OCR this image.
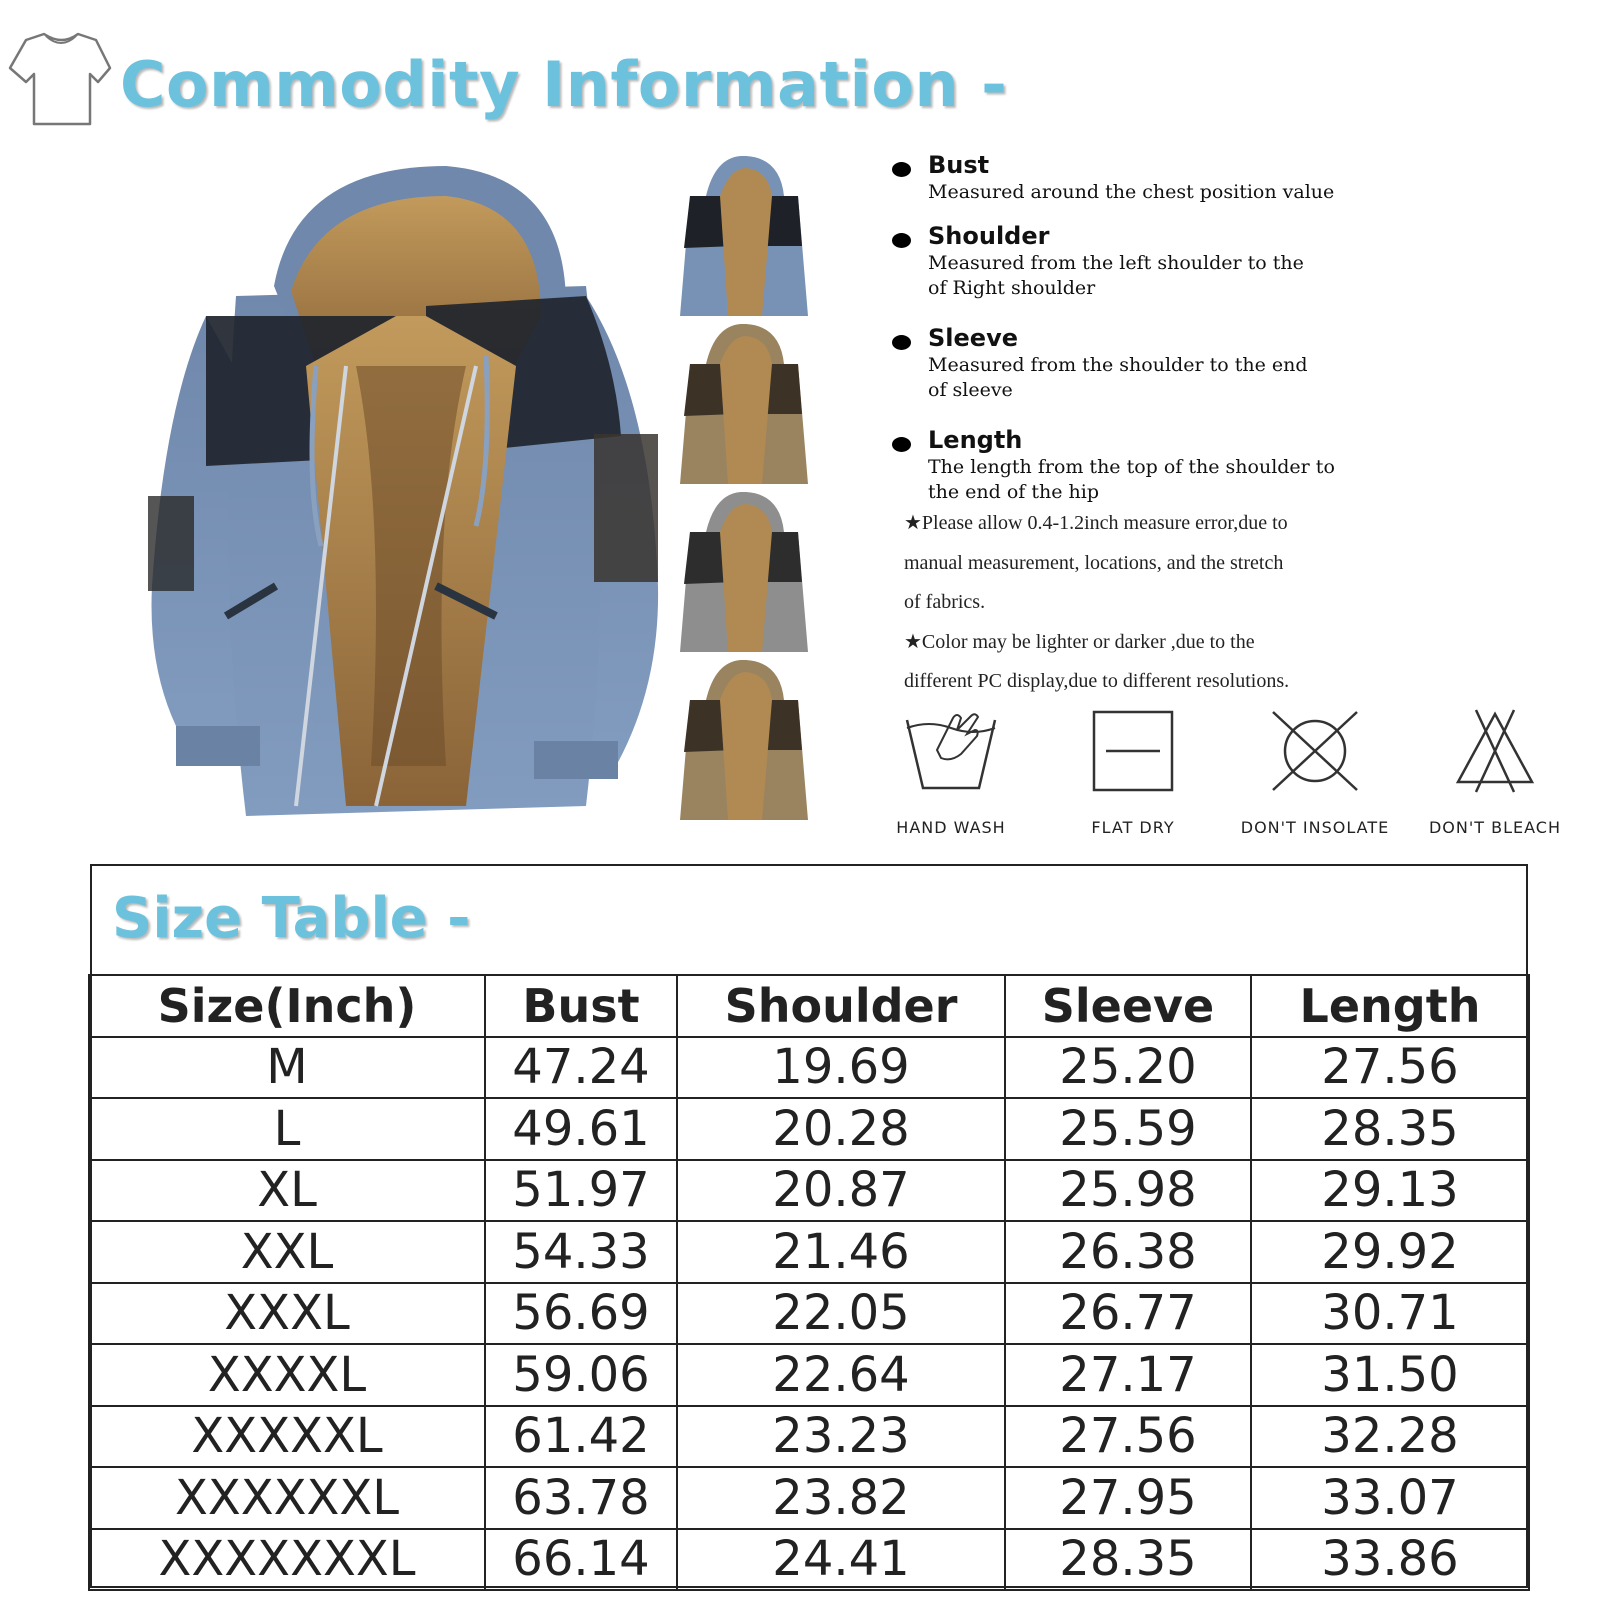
Commodity Information -
Bust
Measured around the chest position value
Shoulder
Measured from the left shoulder to the
of Right shoulder
Sleeve
Measured from the shoulder to the end
of sleeve
Length
The length from the top of the shoulder to
the end of the hip
★Please allow 0.4-1.2inch measure error,due to
manual measurement, locations, and the stretch
of fabrics.
★Color may be lighter or darker ,due to the
different PC display,due to different resolutions.
HAND WASH	FLAT DRY	DON'T INSOLATE	DON'T BLEACH
Size Table -
Size(Inch)	Bust	Shoulder	Sleeve	Length
M	47.24	19.69	25.20	27.56
L	49.61	20.28	25.59	28.35
XL	51.97	20.87	25.98	29.13
XXL	54.33	21.46	26.38	29.92
XXXL	56.69	22.05	26.77	30.71
XXXXL	59.06	22.64	27.17	31.50
XXXXXL	61.42	23.23	27.56	32.28
XXXXXXL	63.78	23.82	27.95	33.07
XXXXXXXL	66.14	24.41	28.35	33.86
